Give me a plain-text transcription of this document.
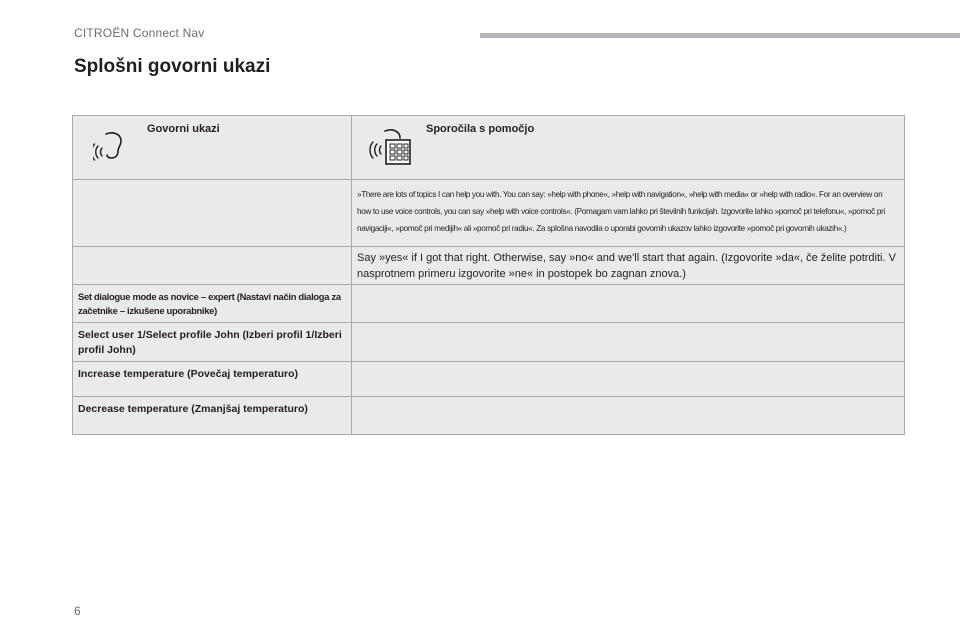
CITROËN Connect Nav
Splošni govorni ukazi
Govorni ukazi	Sporočila s pomočjo

	»There are lots of topics I can help you with. You can say: »help with phone«, »help with navigation«, »help with media« or »help with radio«. For an overview on how to use voice controls, you can say »help with voice controls«. (Pomagam vam lahko pri številnih funkcijah. Izgovorite lahko »pomoč pri telefonu«, »pomoč pri navigaciji«, »pomoč pri medijih« ali »pomoč pri radiu«. Za splošna navodila o uporabi govornih ukazov lahko izgovorite »pomoč pri govornih ukazih«.)

	Say »yes« if I got that right. Otherwise, say »no« and we'll start that again. (Izgovorite »da«, če želite potrditi. V nasprotnem primeru izgovorite »ne« in postopek bo zagnan znova.)

Set dialogue mode as novice – expert (Nastavi način dialoga za začetnike – izkušene uporabnike)	

Select user 1/Select profile John (Izberi profil 1/Izberi profil John)	

Increase temperature (Povečaj temperaturo)	

Decrease temperature (Zmanjšaj temperaturo)	

6
